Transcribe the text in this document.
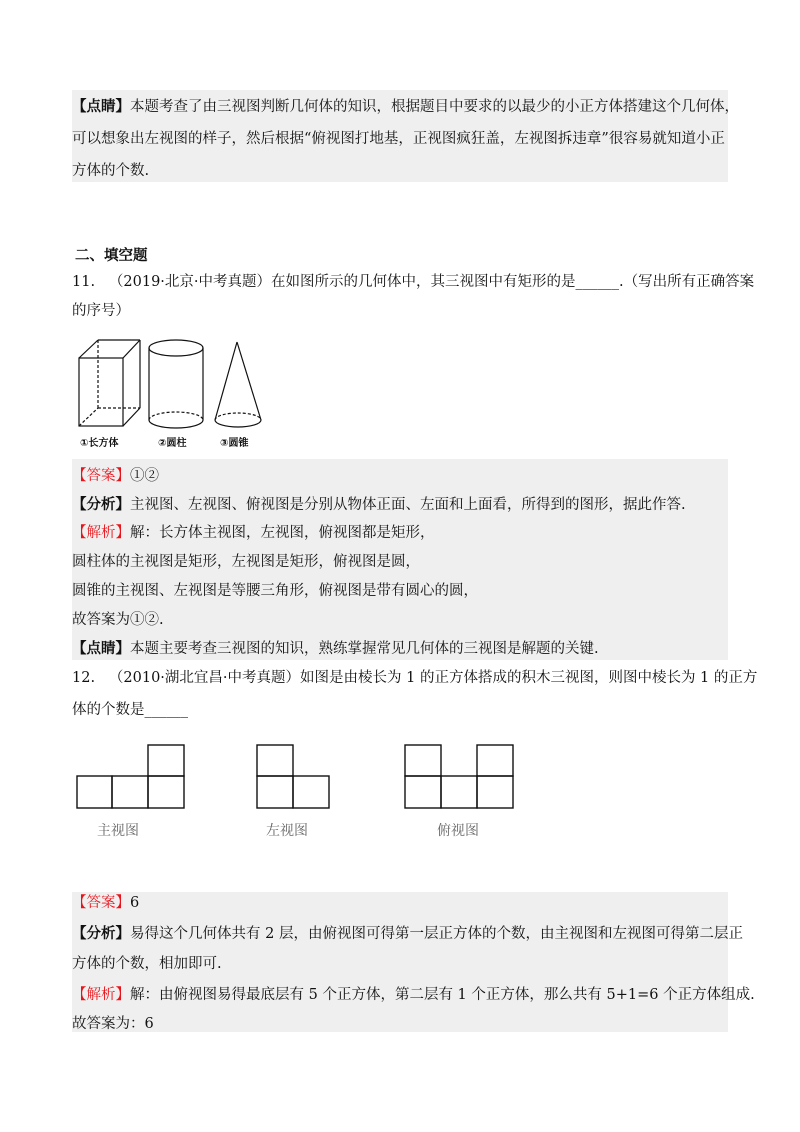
【点睛】本题考查了由三视图判断几何体的知识，根据题目中要求的以最少的小正方体搭建这个几何体，
可以想象出左视图的样子，然后根据“俯视图打地基，正视图疯狂盖，左视图拆违章”很容易就知道小正
方体的个数.
二、填空题
11. （2019·北京·中考真题）在如图所示的几何体中，其三视图中有矩形的是______.（写出所有正确答案
的序号）
①长方体	②圆柱	③圆锥
【答案】①②
【分析】主视图、左视图、俯视图是分别从物体正面、左面和上面看，所得到的图形，据此作答.
【解析】解：长方体主视图，左视图，俯视图都是矩形，
圆柱体的主视图是矩形，左视图是矩形，俯视图是圆，
圆锥的主视图、左视图是等腰三角形，俯视图是带有圆心的圆，
故答案为①②.
【点睛】本题主要考查三视图的知识，熟练掌握常见几何体的三视图是解题的关键.
12. （2010·湖北宜昌·中考真题）如图是由棱长为 1 的正方体搭成的积木三视图，则图中棱长为 1 的正方
体的个数是______
主视图	左视图	俯视图
【答案】6
【分析】易得这个几何体共有 2 层，由俯视图可得第一层正方体的个数，由主视图和左视图可得第二层正
方体的个数，相加即可.
【解析】解：由俯视图易得最底层有 5 个正方体，第二层有 1 个正方体，那么共有 5+1=6 个正方体组成.
故答案为：6
